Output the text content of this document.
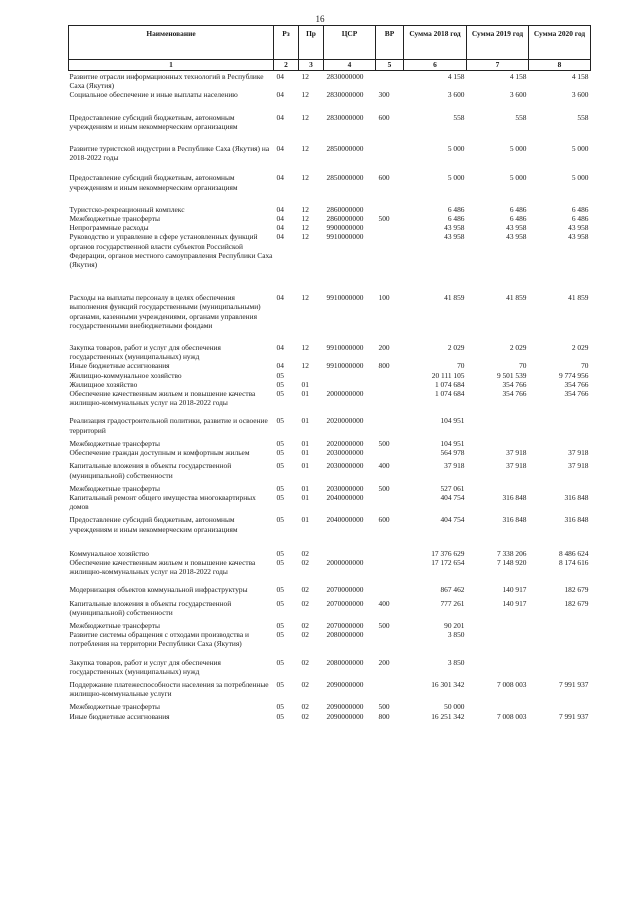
16
Наименование	Рз	Пр	ЦСР	ВР	Сумма 2018 год	Сумма 2019 год	Сумма 2020 год
1	2	3	4	5	6	7	8
Развитие отрасли информационных технологий в Республике Саха (Якутия)	04	12	2830000000		4 158	4 158	4 158
Социальное обеспечение и иные выплаты населению	04	12	2830000000	300	3 600	3 600	3 600
Предоставление субсидий бюджетным, автономным учреждениям и иным некоммерческим организациям	04	12	2830000000	600	558	558	558
Развитие туристской индустрии в Республике Саха (Якутия) на 2018-2022 годы	04	12	2850000000		5 000	5 000	5 000
Предоставление субсидий бюджетным, автономным учреждениям и иным некоммерческим организациям	04	12	2850000000	600	5 000	5 000	5 000
Туристско-рекреационный комплекс	04	12	2860000000		6 486	6 486	6 486
Межбюджетные трансферты	04	12	2860000000	500	6 486	6 486	6 486
Непрограммные расходы	04	12	9900000000		43 958	43 958	43 958
Руководство и управление в сфере установленных функций органов государственной власти субъектов Российской Федерации, органов местного самоуправления Республики Саха (Якутия)	04	12	9910000000		43 958	43 958	43 958
Расходы на выплаты персоналу в целях обеспечения выполнения функций государственными (муниципальными) органами, казенными учреждениями, органами управления государственными внебюджетными фондами	04	12	9910000000	100	41 859	41 859	41 859
Закупка товаров, работ и услуг для обеспечения государственных (муниципальных) нужд	04	12	9910000000	200	2 029	2 029	2 029
Иные бюджетные ассигнования	04	12	9910000000	800	70	70	70
Жилищно-коммунальное хозяйство	05				20 111 105	9 501 539	9 774 956
Жилищное хозяйство	05	01			1 074 684	354 766	354 766
Обеспечение качественным жильем и повышение качества жилищно-коммунальных услуг на 2018-2022 годы	05	01	2000000000		1 074 684	354 766	354 766
Реализация градостроительной политики, развитие и освоение территорий	05	01	2020000000		104 951		
Межбюджетные трансферты	05	01	2020000000	500	104 951		
Обеспечение граждан доступным и комфортным жильем	05	01	2030000000		564 978	37 918	37 918
Капитальные вложения в объекты государственной (муниципальной) собственности	05	01	2030000000	400	37 918	37 918	37 918
Межбюджетные трансферты	05	01	2030000000	500	527 061		
Капитальный ремонт общего имущества многоквартирных домов	05	01	2040000000		404 754	316 848	316 848
Предоставление субсидий бюджетным, автономным учреждениям и иным некоммерческим организациям	05	01	2040000000	600	404 754	316 848	316 848
Коммунальное хозяйство	05	02			17 376 629	7 338 206	8 486 624
Обеспечение качественным жильем и повышение качества жилищно-коммунальных услуг на 2018-2022 годы	05	02	2000000000		17 172 654	7 148 920	8 174 616
Модернизация объектов коммунальной инфраструктуры	05	02	2070000000		867 462	140 917	182 679
Капитальные вложения в объекты государственной (муниципальной) собственности	05	02	2070000000	400	777 261	140 917	182 679
Межбюджетные трансферты	05	02	2070000000	500	90 201		
Развитие системы обращения с отходами производства и потребления на территории Республики Саха (Якутия)	05	02	2080000000		3 850		
Закупка товаров, работ и услуг для обеспечения государственных (муниципальных) нужд	05	02	2080000000	200	3 850		
Поддержание платежеспособности населения за потребленные жилищно-коммунальные услуги	05	02	2090000000		16 301 342	7 008 003	7 991 937
Межбюджетные трансферты	05	02	2090000000	500	50 000		
Иные бюджетные ассигнования	05	02	2090000000	800	16 251 342	7 008 003	7 991 937
